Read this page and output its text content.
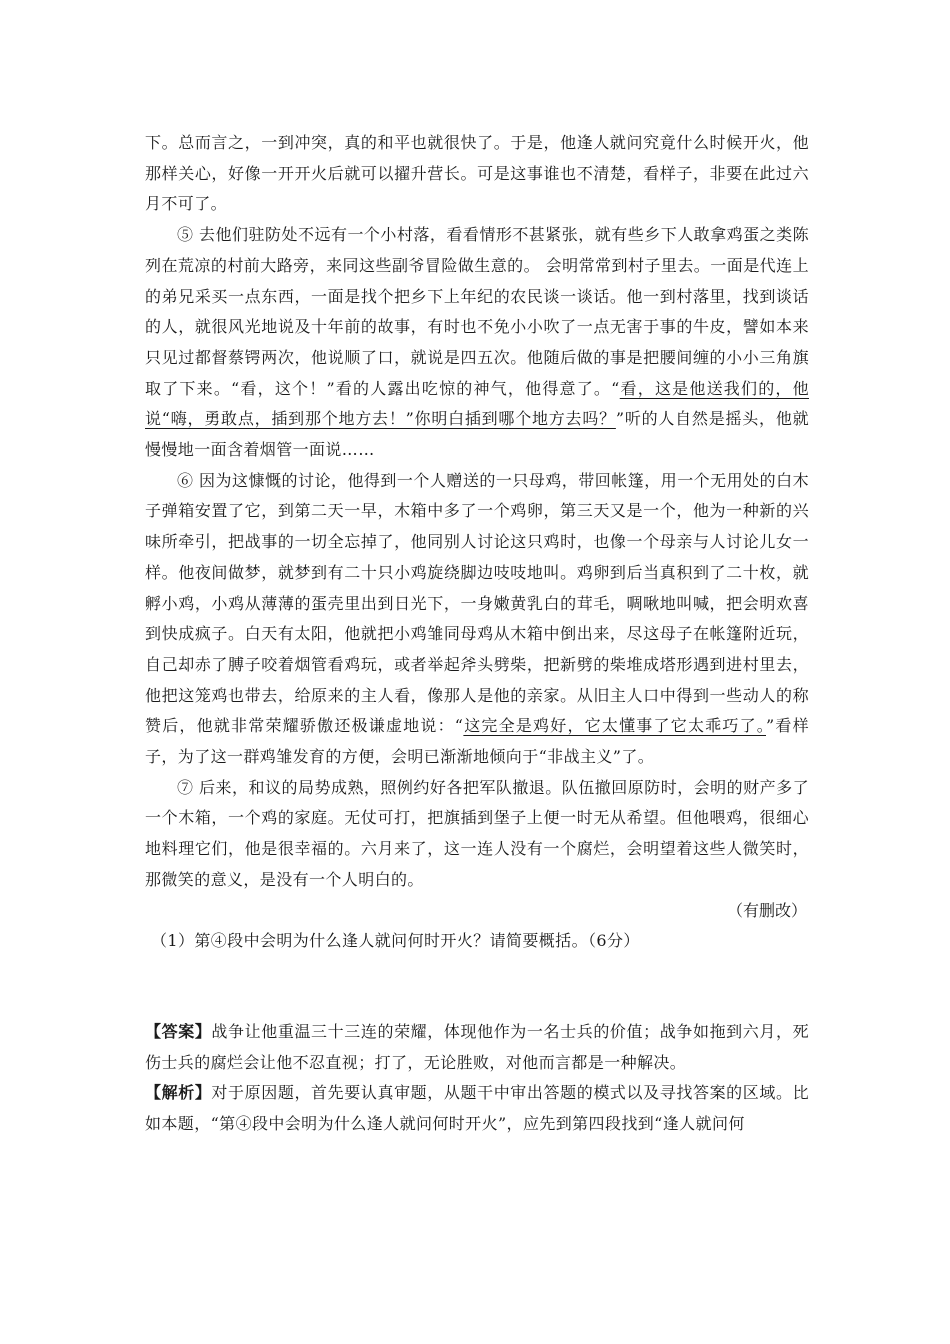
下。总而言之，一到冲突，真的和平也就很快了。于是，他逢人就问究竟什么时候开火，他那样关心，好像一开开火后就可以擢升营长。可是这事谁也不清楚，看样子，非要在此过六月不可了。

⑤ 去他们驻防处不远有一个小村落，看看情形不甚紧张，就有些乡下人敢拿鸡蛋之类陈列在荒凉的村前大路旁，来同这些副爷冒险做生意的。 会明常常到村子里去。一面是代连上的弟兄采买一点东西，一面是找个把乡下上年纪的农民谈一谈话。他一到村落里，找到谈话的人，就很风光地说及十年前的故事，有时也不免小小吹了一点无害于事的牛皮，譬如本来只见过都督蔡锷两次，他说顺了口，就说是四五次。他随后做的事是把腰间缠的小小三角旗取了下来。“看，这个！”看的人露出吃惊的神气，他得意了。“看，这是他送我们的，他说“嗨，勇敢点，插到那个地方去！”你明白插到哪个地方去吗？”听的人自然是摇头，他就慢慢地一面含着烟管一面说……

⑥ 因为这慷慨的讨论，他得到一个人赠送的一只母鸡，带回帐篷，用一个无用处的白木子弹箱安置了它，到第二天一早，木箱中多了一个鸡卵，第三天又是一个，他为一种新的兴味所牵引，把战事的一切全忘掉了，他同别人讨论这只鸡时，也像一个母亲与人讨论儿女一样。他夜间做梦，就梦到有二十只小鸡旋绕脚边吱吱地叫。鸡卵到后当真积到了二十枚，就孵小鸡，小鸡从薄薄的蛋壳里出到日光下，一身嫩黄乳白的茸毛，啁啾地叫喊，把会明欢喜到快成疯子。白天有太阳，他就把小鸡雏同母鸡从木箱中倒出来，尽这母子在帐篷附近玩，自己却赤了膊子咬着烟管看鸡玩，或者举起斧头劈柴，把新劈的柴堆成塔形遇到进村里去，他把这笼鸡也带去，给原来的主人看，像那人是他的亲家。从旧主人口中得到一些动人的称赞后，他就非常荣耀骄傲还极谦虚地说：“这完全是鸡好，它太懂事了它太乖巧了。”看样子，为了这一群鸡雏发育的方便，会明已渐渐地倾向于“非战主义”了。

⑦ 后来，和议的局势成熟，照例约好各把军队撤退。队伍撤回原防时，会明的财产多了一个木箱，一个鸡的家庭。无仗可打，把旗插到堡子上便一时无从希望。但他喂鸡，很细心地料理它们，他是很幸福的。六月来了，这一连人没有一个腐烂，会明望着这些人微笑时，那微笑的意义，是没有一个人明白的。

（有删改）

（1）第④段中会明为什么逢人就问何时开火？请简要概括。（6分）

【答案】战争让他重温三十三连的荣耀，体现他作为一名士兵的价值；战争如拖到六月，死伤士兵的腐烂会让他不忍直视；打了，无论胜败，对他而言都是一种解决。

【解析】对于原因题，首先要认真审题，从题干中审出答题的模式以及寻找答案的区域。比如本题，“第④段中会明为什么逢人就问何时开火”，应先到第四段找到“逢人就问何
